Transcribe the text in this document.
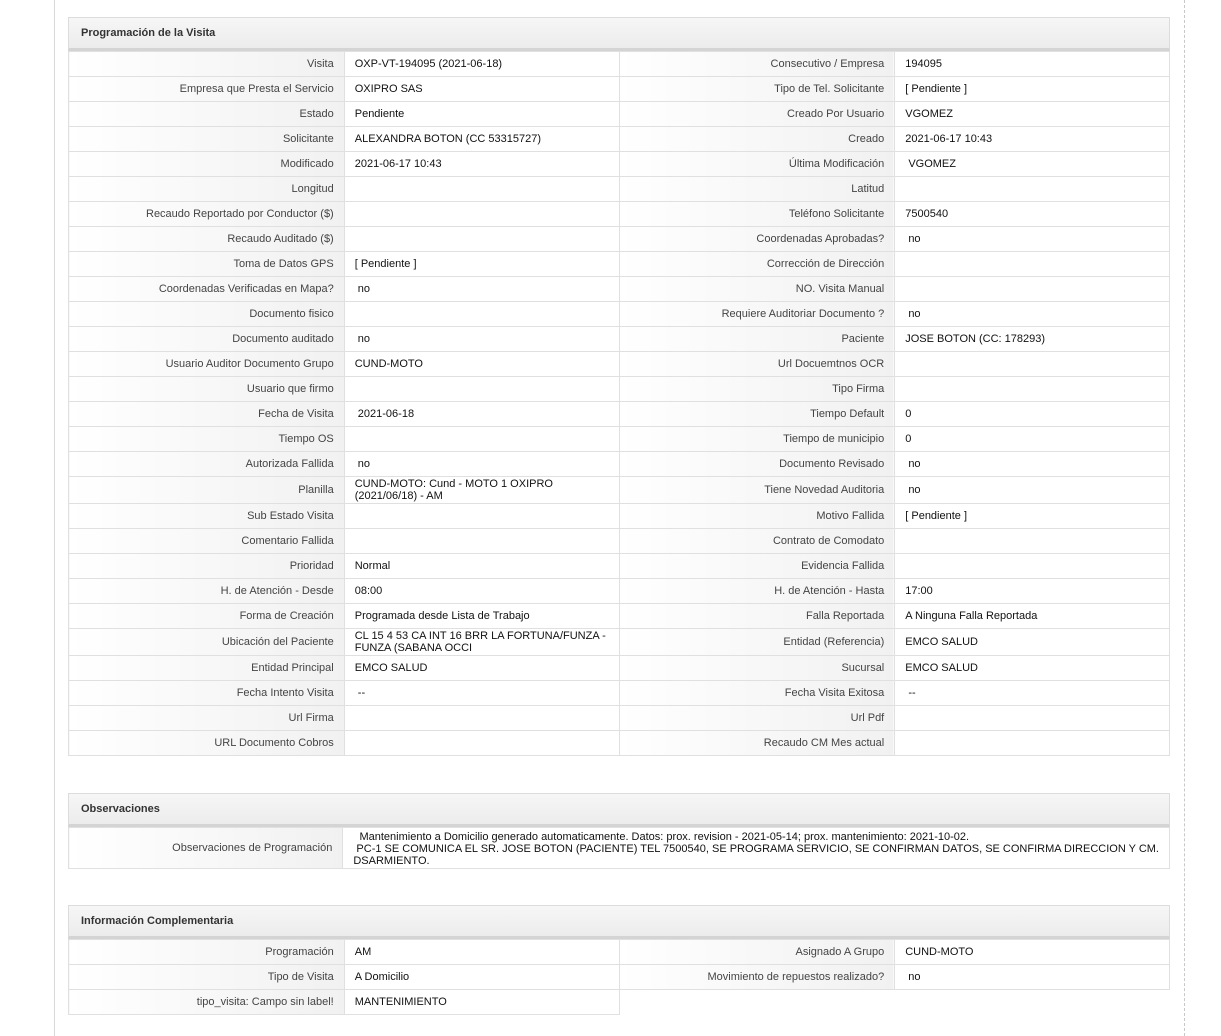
Programación de la Visita
Visita	OXP-VT-194095 (2021-06-18)	Consecutivo / Empresa	194095
Empresa que Presta el Servicio	OXIPRO SAS	Tipo de Tel. Solicitante	[ Pendiente ]
Estado	Pendiente	Creado Por Usuario	VGOMEZ
Solicitante	ALEXANDRA BOTON (CC 53315727)	Creado	2021-06-17 10:43
Modificado	2021-06-17 10:43	Última Modificación	VGOMEZ
Longitud		Latitud	
Recaudo Reportado por Conductor ($)		Teléfono Solicitante	7500540
Recaudo Auditado ($)		Coordenadas Aprobadas?	no
Toma de Datos GPS	[ Pendiente ]	Corrección de Dirección	
Coordenadas Verificadas en Mapa?	no	NO. Visita Manual	
Documento fisico		Requiere Auditoriar Documento ?	no
Documento auditado	no	Paciente	JOSE BOTON (CC: 178293)
Usuario Auditor Documento Grupo	CUND-MOTO	Url Docuemtnos OCR	
Usuario que firmo		Tipo Firma	
Fecha de Visita	2021-06-18	Tiempo Default	0
Tiempo OS		Tiempo de municipio	0
Autorizada Fallida	no	Documento Revisado	no
Planilla	CUND-MOTO: Cund - MOTO 1 OXIPRO (2021/06/18) - AM	Tiene Novedad Auditoria	no
Sub Estado Visita		Motivo Fallida	[ Pendiente ]
Comentario Fallida		Contrato de Comodato	
Prioridad	Normal	Evidencia Fallida	
H. de Atención - Desde	08:00	H. de Atención - Hasta	17:00
Forma de Creación	Programada desde Lista de Trabajo	Falla Reportada	A Ninguna Falla Reportada
Ubicación del Paciente	CL 15 4 53 CA INT 16 BRR LA FORTUNA/FUNZA - FUNZA (SABANA OCCI	Entidad (Referencia)	EMCO SALUD
Entidad Principal	EMCO SALUD	Sucursal	EMCO SALUD
Fecha Intento Visita	--	Fecha Visita Exitosa	--
Url Firma		Url Pdf	
URL Documento Cobros		Recaudo CM Mes actual	
Observaciones
Observaciones de Programación	
Mantenimiento a Domicilio generado automaticamente. Datos: prox. revision - 2021-05-14; prox. mantenimiento: 2021-10-02.
PC-1 SE COMUNICA EL SR. JOSE BOTON (PACIENTE) TEL 7500540, SE PROGRAMA SERVICIO, SE CONFIRMAN DATOS, SE CONFIRMA DIRECCION Y CM.
DSARMIENTO.
Información Complementaria
Programación	AM	Asignado A Grupo	CUND-MOTO
Tipo de Visita	A Domicilio	Movimiento de repuestos realizado?	no
tipo_visita: Campo sin label!	MANTENIMIENTO		
